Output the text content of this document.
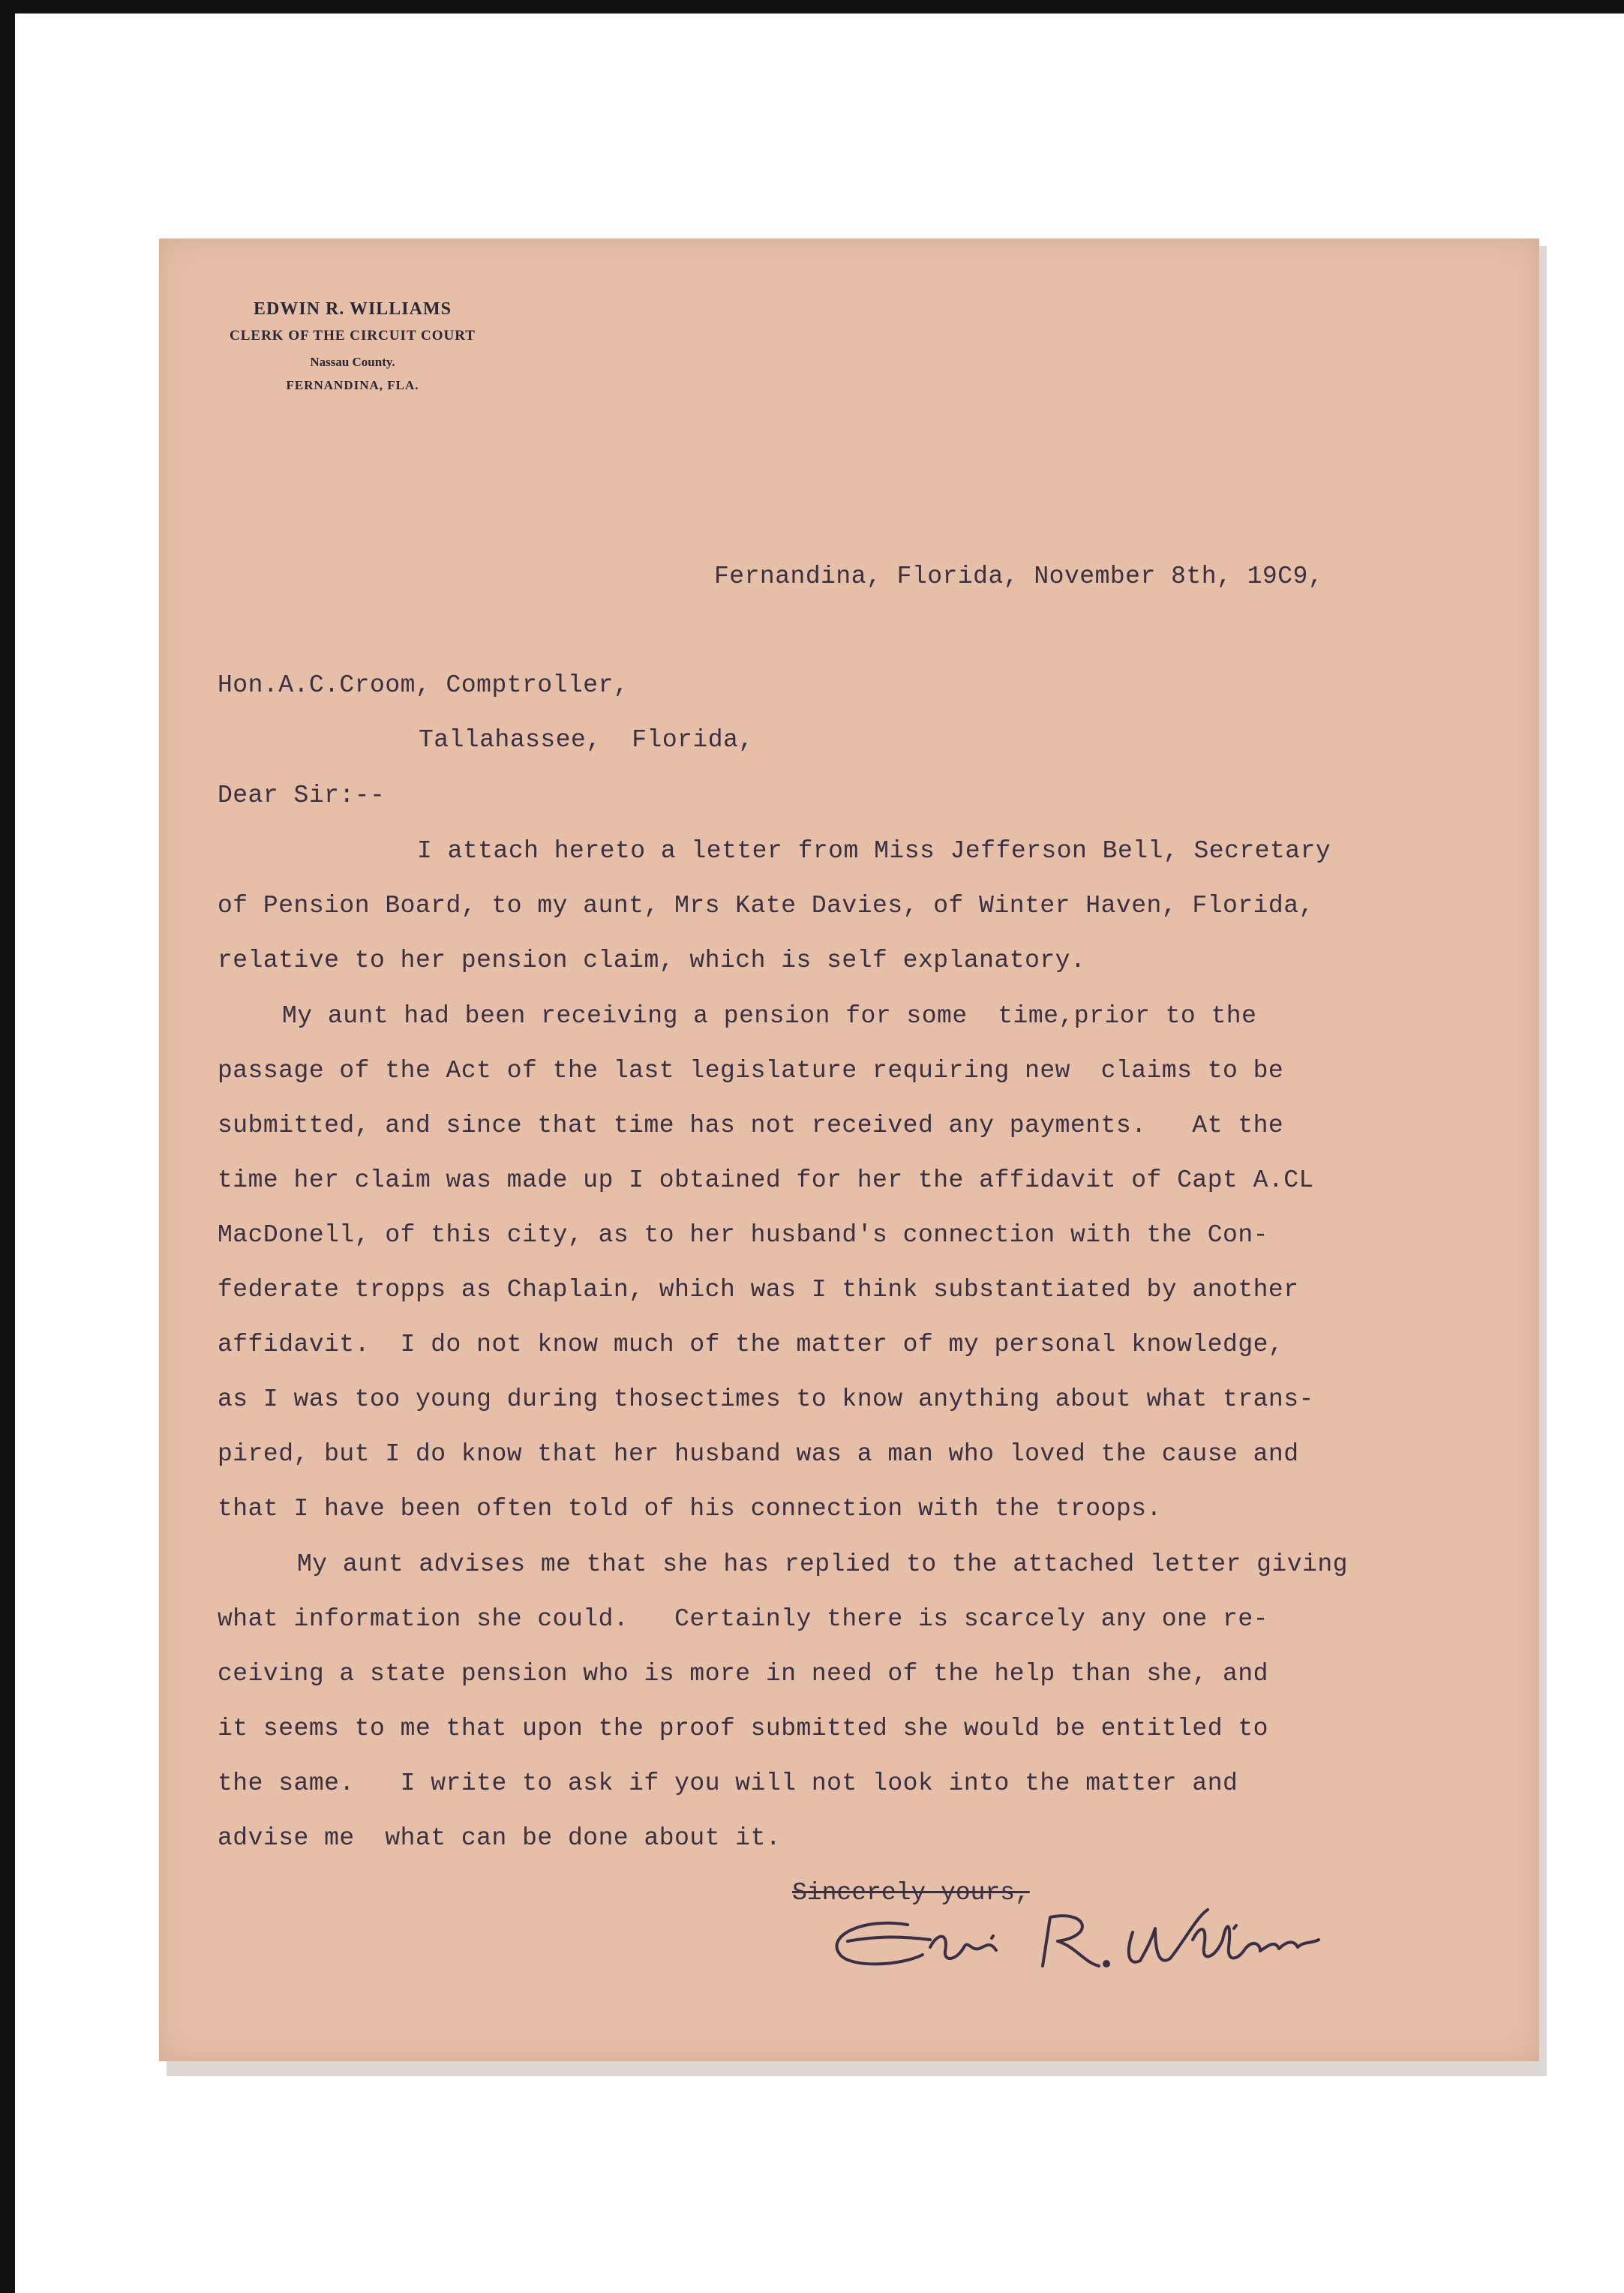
EDWIN R. WILLIAMS
CLERK OF THE CIRCUIT COURT
Nassau County.
FERNANDINA, FLA.
Fernandina, Florida, November 8th, 19C9,
Hon.A.C.Croom, Comptroller,
Tallahassee,  Florida,
Dear Sir:--
I attach hereto a letter from Miss Jefferson Bell, Secretary
of Pension Board, to my aunt, Mrs Kate Davies, of Winter Haven, Florida,
relative to her pension claim, which is self explanatory.
My aunt had been receiving a pension for some  time,prior to the
passage of the Act of the last legislature requiring new  claims to be
submitted, and since that time has not received any payments.   At the
time her claim was made up I obtained for her the affidavit of Capt A.CL
MacDonell, of this city, as to her husband's connection with the Con-
federate tropps as Chaplain, which was I think substantiated by another
affidavit.  I do not know much of the matter of my personal knowledge,
as I was too young during thosectimes to know anything about what trans-
pired, but I do know that her husband was a man who loved the cause and
that I have been often told of his connection with the troops.
My aunt advises me that she has replied to the attached letter giving
what information she could.   Certainly there is scarcely any one re-
ceiving a state pension who is more in need of the help than she, and
it seems to me that upon the proof submitted she would be entitled to
the same.   I write to ask if you will not look into the matter and
advise me  what can be done about it.
Sincerely yours,
